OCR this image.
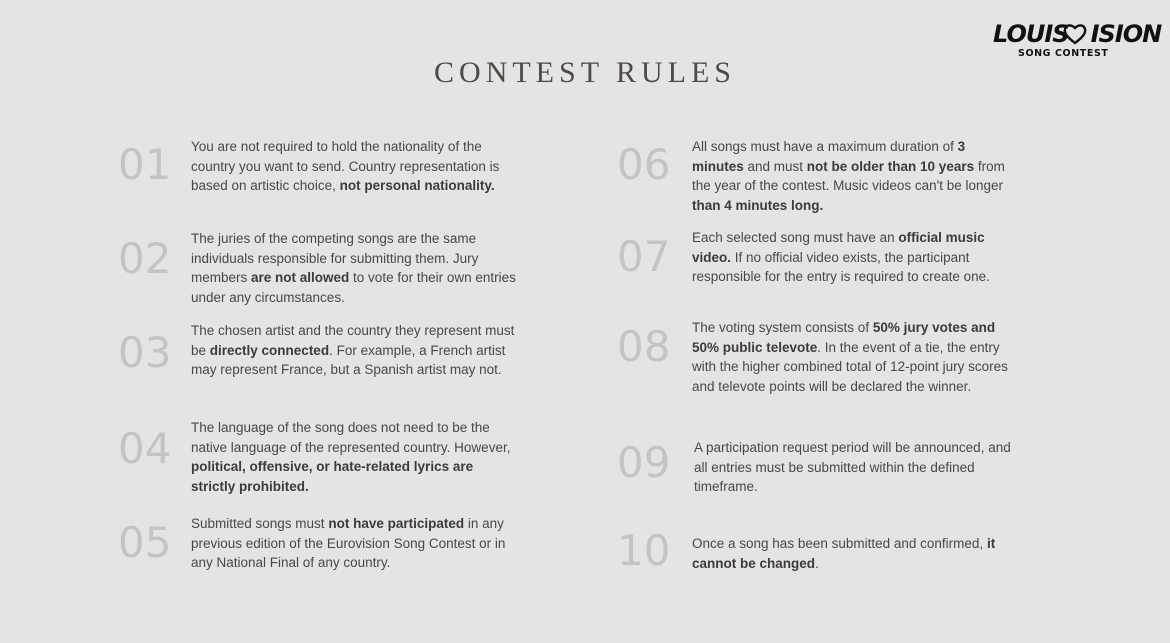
CONTEST RULES
LOUIS   ISION
SONG CONTEST
01 You are not required to hold the nationality of the country you want to send. Country representation is based on artistic choice, not personal nationality.
02 The juries of the competing songs are the same individuals responsible for submitting them. Jury members are not allowed to vote for their own entries under any circumstances.
03 The chosen artist and the country they represent must be directly connected. For example, a French artist may represent France, but a Spanish artist may not.
04 The language of the song does not need to be the native language of the represented country. However, political, offensive, or hate-related lyrics are strictly prohibited.
05 Submitted songs must not have participated in any previous edition of the Eurovision Song Contest or in any National Final of any country.
06 All songs must have a maximum duration of 3 minutes and must not be older than 10 years from the year of the contest. Music videos can't be longer than 4 minutes long.
07 Each selected song must have an official music video. If no official video exists, the participant responsible for the entry is required to create one.
08 The voting system consists of 50% jury votes and 50% public televote. In the event of a tie, the entry with the higher combined total of 12-point jury scores and televote points will be declared the winner.
09 A participation request period will be announced, and all entries must be submitted within the defined timeframe.
10 Once a song has been submitted and confirmed, it cannot be changed.
